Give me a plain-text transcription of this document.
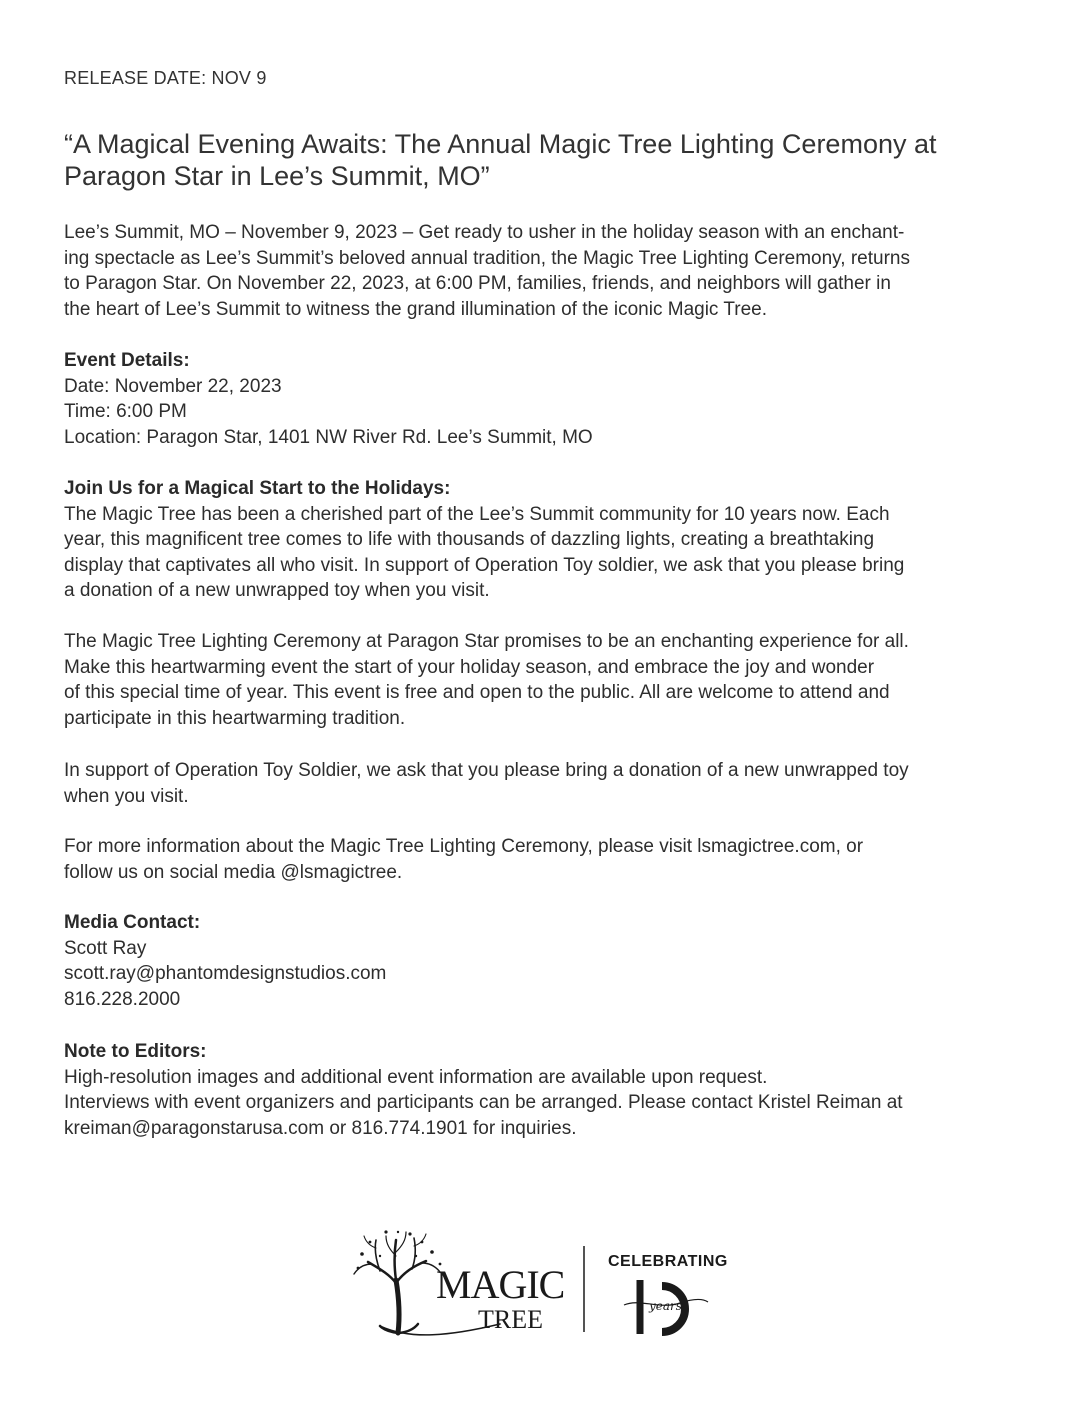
RELEASE DATE: NOV 9
“A Magical Evening Awaits: The Annual Magic Tree Lighting Ceremony at
Paragon Star in Lee’s Summit, MO”

Lee’s Summit, MO – November 9, 2023 – Get ready to usher in the holiday season with an enchant-
ing spectacle as Lee’s Summit’s beloved annual tradition, the Magic Tree Lighting Ceremony, returns
to Paragon Star. On November 22, 2023, at 6:00 PM, families, friends, and neighbors will gather in
the heart of Lee’s Summit to witness the grand illumination of the iconic Magic Tree.

Event Details:
Date: November 22, 2023
Time: 6:00 PM
Location: Paragon Star, 1401 NW River Rd. Lee’s Summit, MO

Join Us for a Magical Start to the Holidays:
The Magic Tree has been a cherished part of the Lee’s Summit community for 10 years now. Each
year, this magnificent tree comes to life with thousands of dazzling lights, creating a breathtaking
display that captivates all who visit. In support of Operation Toy soldier, we ask that you please bring
a donation of a new unwrapped toy when you visit.

The Magic Tree Lighting Ceremony at Paragon Star promises to be an enchanting experience for all.
Make this heartwarming event the start of your holiday season, and embrace the joy and wonder
of this special time of year. This event is free and open to the public. All are welcome to attend and
participate in this heartwarming tradition.

In support of Operation Toy Soldier, we ask that you please bring a donation of a new unwrapped toy
when you visit.

For more information about the Magic Tree Lighting Ceremony, please visit lsmagictree.com, or
follow us on social media @lsmagictree.

Media Contact:
Scott Ray
scott.ray@phantomdesignstudios.com
816.228.2000

Note to Editors:
High-resolution images and additional event information are available upon request.
Interviews with event organizers and participants can be arranged. Please contact Kristel Reiman at
kreiman@paragonstarusa.com or 816.774.1901 for inquiries.

MAGIC
TREE
CELEBRATING
years
